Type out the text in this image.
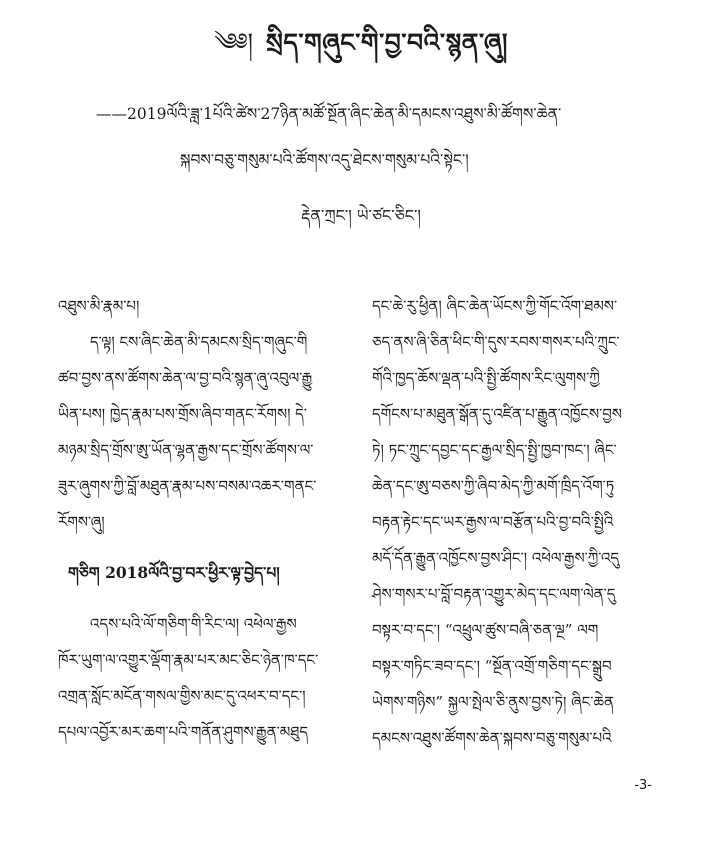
༄༅། སྲིད་གཞུང་གི་བྱ་བའི་སྙན་ཞུ།
——2019ལོའི་ཟླ་1པོའི་ཚེས་27ཉིན་མཚོ་སྔོན་ཞིང་ཆེན་མི་དམངས་འཐུས་མི་ཚོགས་ཆེན་
སྐབས་བཅུ་གསུམ་པའི་ཚོགས་འདུ་ཐེངས་གསུམ་པའི་སྟེང་།
རྡེན་ཀྲང་། ཡེ་ཙང་ཅིང་།
འཐུས་མི་རྣམ་པ།
ད་ལྟ། ངས་ཞིང་ཆེན་མི་དམངས་སྲིད་གཞུང་གི
ཚབ་བྱས་ནས་ཚོགས་ཆེན་ལ་བྱ་བའི་སྙན་ཞུ་འབུལ་རྒྱུ
ཡིན་པས། ཁྱེད་རྣམ་པས་གྲོས་ཞིབ་གནང་རོགས། དེ་
མཉམ་སྲིད་གྲོས་ཨུ་ཡོན་ལྷན་རྒྱས་དང་གྲོས་ཚོགས་ལ་
ཟུར་ཞུགས་ཀྱི་བློ་མཐུན་རྣམ་པས་བསམ་འཆར་གནང་
རོགས་ཞུ།
གཅིག 2018ལོའི་བྱ་བར་ཕྱིར་ལྟ་བྱེད་པ།
འདས་པའི་ལོ་གཅིག་གི་རིང་ལ། འཕེལ་རྒྱས
ཁོར་ཡུག་ལ་འགྱུར་ལྡོག་རྣམ་པར་མང་ཅིང་ཉེན་ཁ་དང་
འགྲན་སློང་མངོན་གསལ་གྱིས་མང་དུ་འཕར་བ་དང་།
དཔལ་འབྱོར་མར་ཆག་པའི་གནོན་ཤུགས་རྒྱུན་མཐུད
དང་ཆེ་རུ་ཕྱིན། ཞིང་ཆེན་ཡོངས་ཀྱི་གོང་འོག་ཐམས་
ཅད་ནས་ཞི་ཅིན་ཕིང་གི་དུས་རབས་གསར་པའི་ཀྲུང་
གོའི་ཁྱད་ཆོས་ལྡན་པའི་སྤྱི་ཚོགས་རིང་ལུགས་ཀྱི
དགོངས་པ་མཐུན་སྒོན་དུ་འཛིན་པ་རྒྱུན་འཁྱོངས་བྱས
ཏེ། ཏང་ཀྲུང་དབྱང་དང་རྒྱལ་སྲིད་སྤྱི་ཁྱབ་ཁང་། ཞིང་
ཆེན་དང་ཨུ་བཅས་ཀྱི་ཞིབ་མེད་ཀྱི་མགོ་ཁྲིད་འོག་ཏུ
བརྟན་རྟེང་དང་ཡར་རྒྱས་ལ་བརྩོན་པའི་བྱ་བའི་སྤྱིའི
མདོ་དོན་རྒྱུན་འཁྱོངས་བྱས་ཤིང་། འཕེལ་རྒྱས་ཀྱི་འདུ
ཤེས་གསར་པ་བློ་བརྟན་འགྱུར་མེད་དང་ལག་ལེན་དུ
བསྟར་བ་དང་། “འཕྲུལ་ཚུས་བཞི་ཅན་ལྔ” ལག
བསྟར་གཏིང་ཟབ་དང་། “སྔོན་འགྲོ་གཅིག་དང་སྒྲུབ
ཡེགས་གཉིས” སྐྱལ་སྤེལ་ཅི་ནུས་བྱས་ཏེ། ཞིང་ཆེན
དམངས་འཐུས་ཚོགས་ཆེན་སྐབས་བཅུ་གསུམ་པའི
-3-
